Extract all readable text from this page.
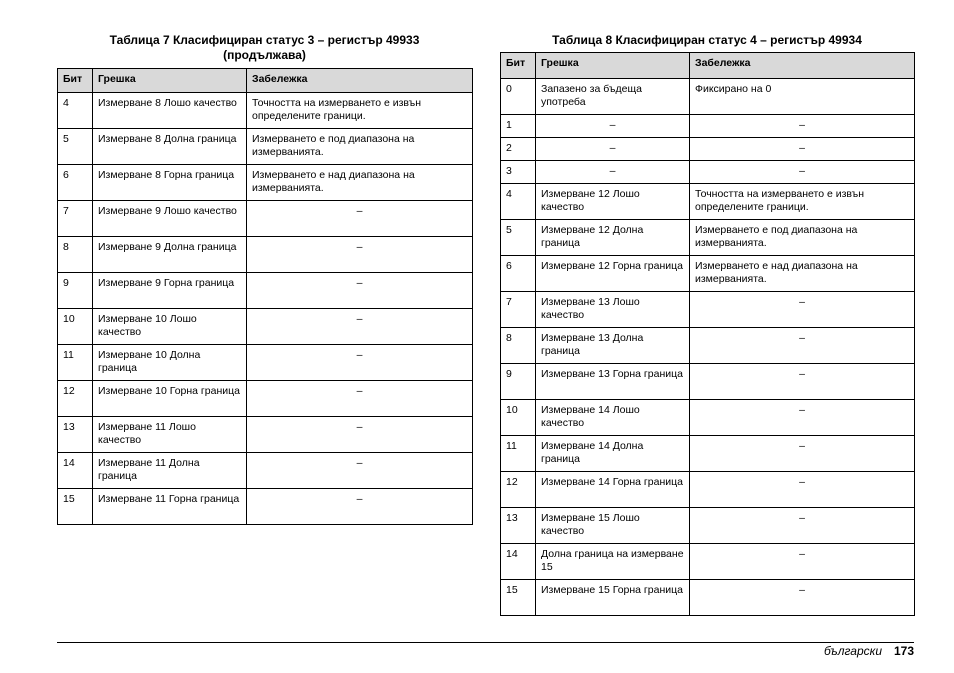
Таблица 7 Класифициран статус 3 – регистър 49933
(продължава)
Бит	Грешка	Забележка
4	Измерване 8 Лошо качество	Точността на измерването е извън определените граници.
5	Измерване 8 Долна граница	Измерването е под диапазона на измерванията.
6	Измерване 8 Горна граница	Измерването е над диапазона на измерванията.
7	Измерване 9 Лошо качество	–
8	Измерване 9 Долна граница	–
9	Измерване 9 Горна граница	–
10	Измерване 10 Лошо качество	–
11	Измерване 10 Долна граница	–
12	Измерване 10 Горна граница	–
13	Измерване 11 Лошо качество	–
14	Измерване 11 Долна граница	–
15	Измерване 11 Горна граница	–
Таблица 8 Класифициран статус 4 – регистър 49934
Бит	Грешка	Забележка
0	Запазено за бъдеща употреба	Фиксирано на 0
1	–	–
2	–	–
3	–	–
4	Измерване 12 Лошо качество	Точността на измерването е извън определените граници.
5	Измерване 12 Долна граница	Измерването е под диапазона на измерванията.
6	Измерване 12 Горна граница	Измерването е над диапазона на измерванията.
7	Измерване 13 Лошо качество	–
8	Измерване 13 Долна граница	–
9	Измерване 13 Горна граница	–
10	Измерване 14 Лошо качество	–
11	Измерване 14 Долна граница	–
12	Измерване 14 Горна граница	–
13	Измерване 15 Лошо качество	–
14	Долна граница на измерване 15	–
15	Измерване 15 Горна граница	–
български 173
